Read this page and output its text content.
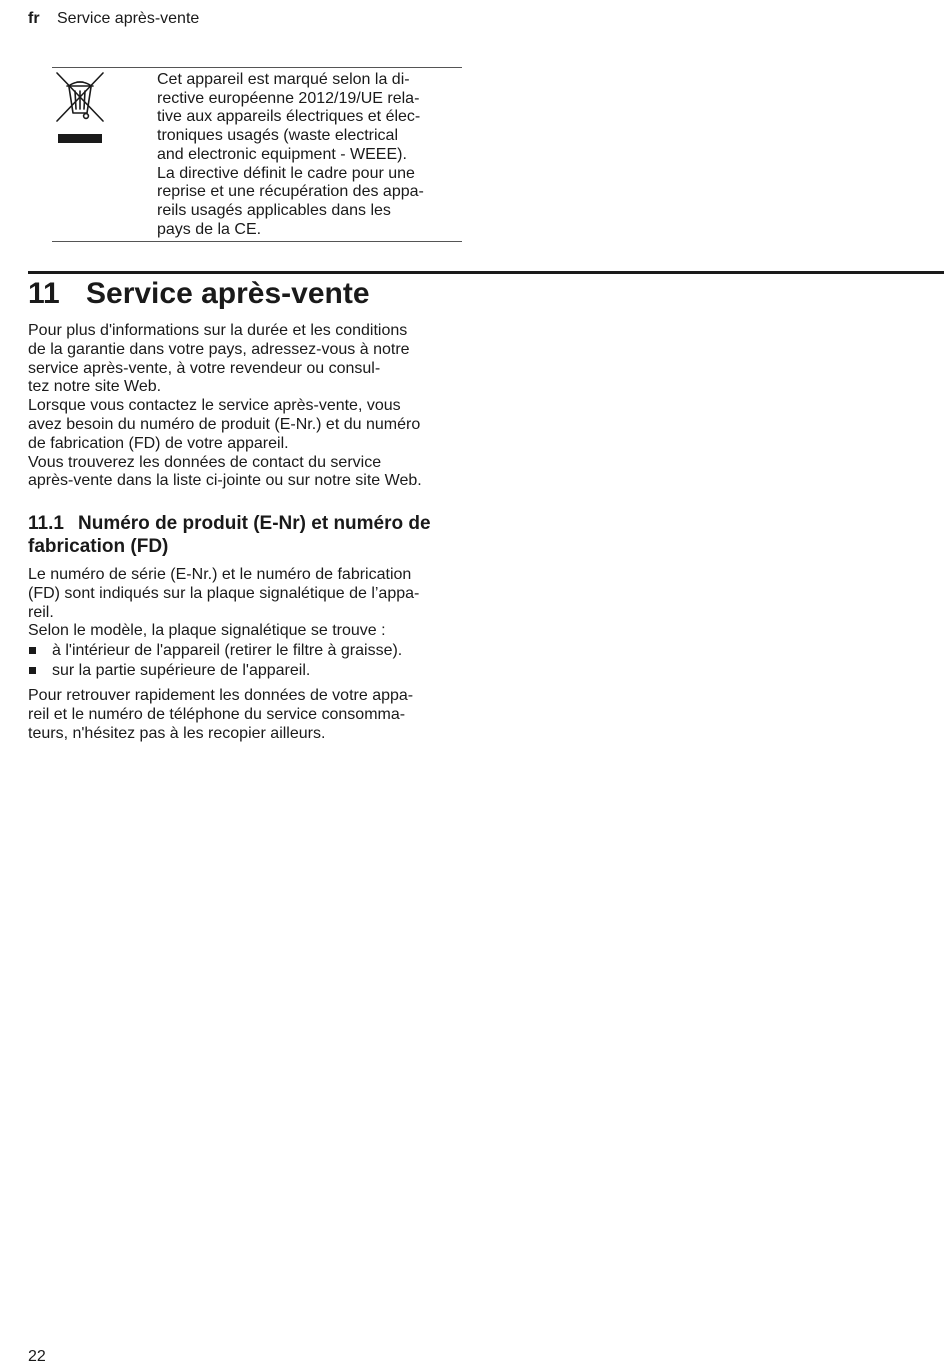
fr Service après-vente
Cet appareil est marqué selon la di-
rective européenne 2012/19/UE rela-
tive aux appareils électriques et élec-
troniques usagés (waste electrical
and electronic equipment - WEEE).
La directive définit le cadre pour une
reprise et une récupération des appa-
reils usagés applicables dans les
pays de la CE.
11 Service après-vente
Pour plus d'informations sur la durée et les conditions
de la garantie dans votre pays, adressez-vous à notre
service après-vente, à votre revendeur ou consul-
tez notre site Web.
Lorsque vous contactez le service après-vente, vous
avez besoin du numéro de produit (E-Nr.) et du numéro
de fabrication (FD) de votre appareil.
Vous trouverez les données de contact du service
après-vente dans la liste ci-jointe ou sur notre site Web.
11.1 Numéro de produit (E-Nr) et numéro de
fabrication (FD)
Le numéro de série (E-Nr.) et le numéro de fabrication
(FD) sont indiqués sur la plaque signalétique de l’appa-
reil.
Selon le modèle, la plaque signalétique se trouve :
à l'intérieur de l'appareil (retirer le filtre à graisse).
sur la partie supérieure de l'appareil.
Pour retrouver rapidement les données de votre appa-
reil et le numéro de téléphone du service consomma-
teurs, n'hésitez pas à les recopier ailleurs.
22
